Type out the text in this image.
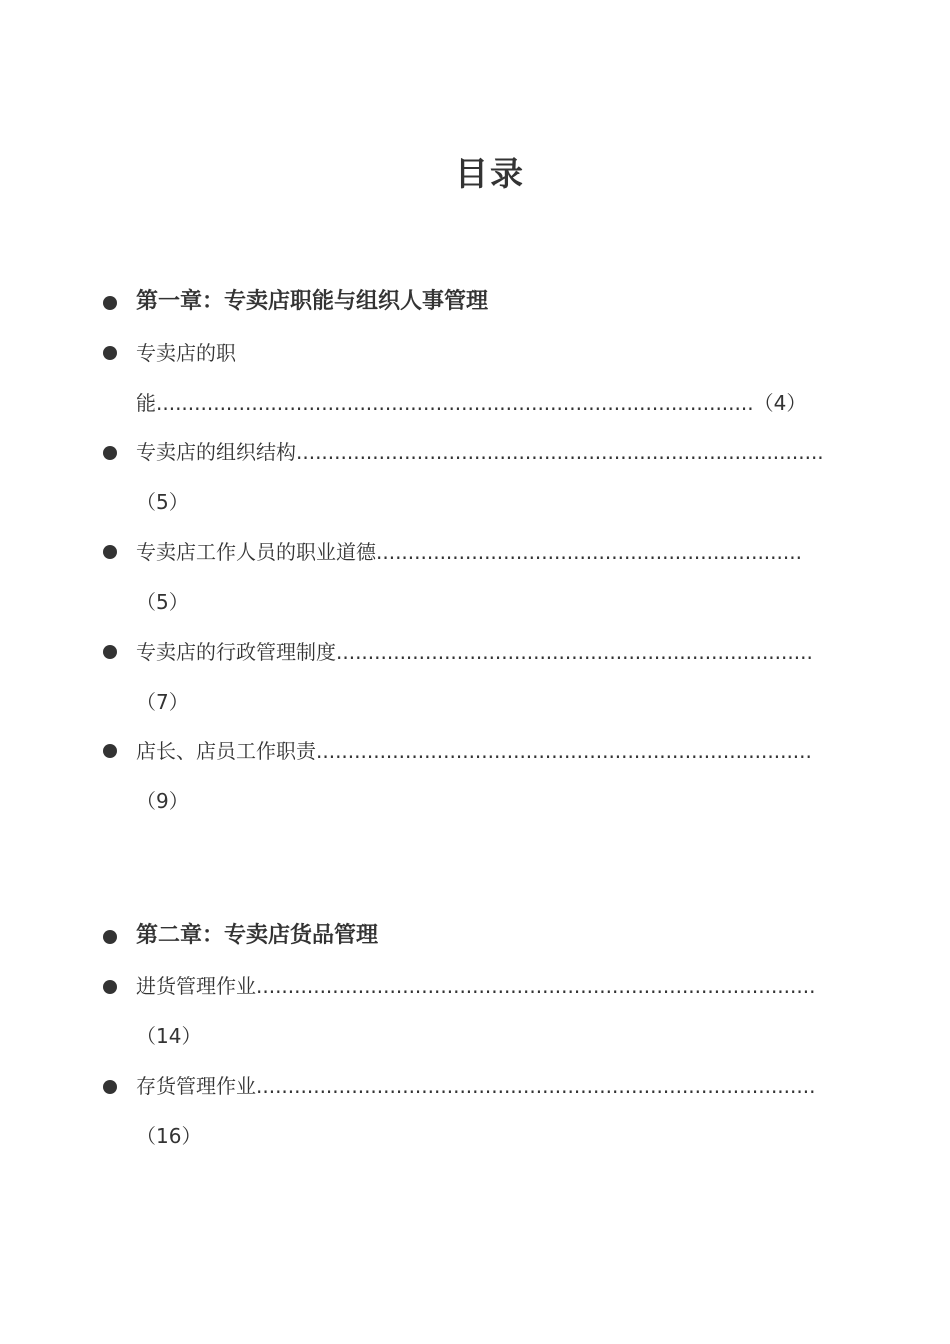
目录
第一章：专卖店职能与组织人事管理
专卖店的职
能..............................................................................................（4）
专卖店的组织结构...................................................................................
（5）
专卖店工作人员的职业道德...................................................................
（5）
专卖店的行政管理制度...........................................................................
（7）
店长、店员工作职责..............................................................................
（9）
第二章：专卖店货品管理
进货管理作业........................................................................................
（14）
存货管理作业........................................................................................
（16）
